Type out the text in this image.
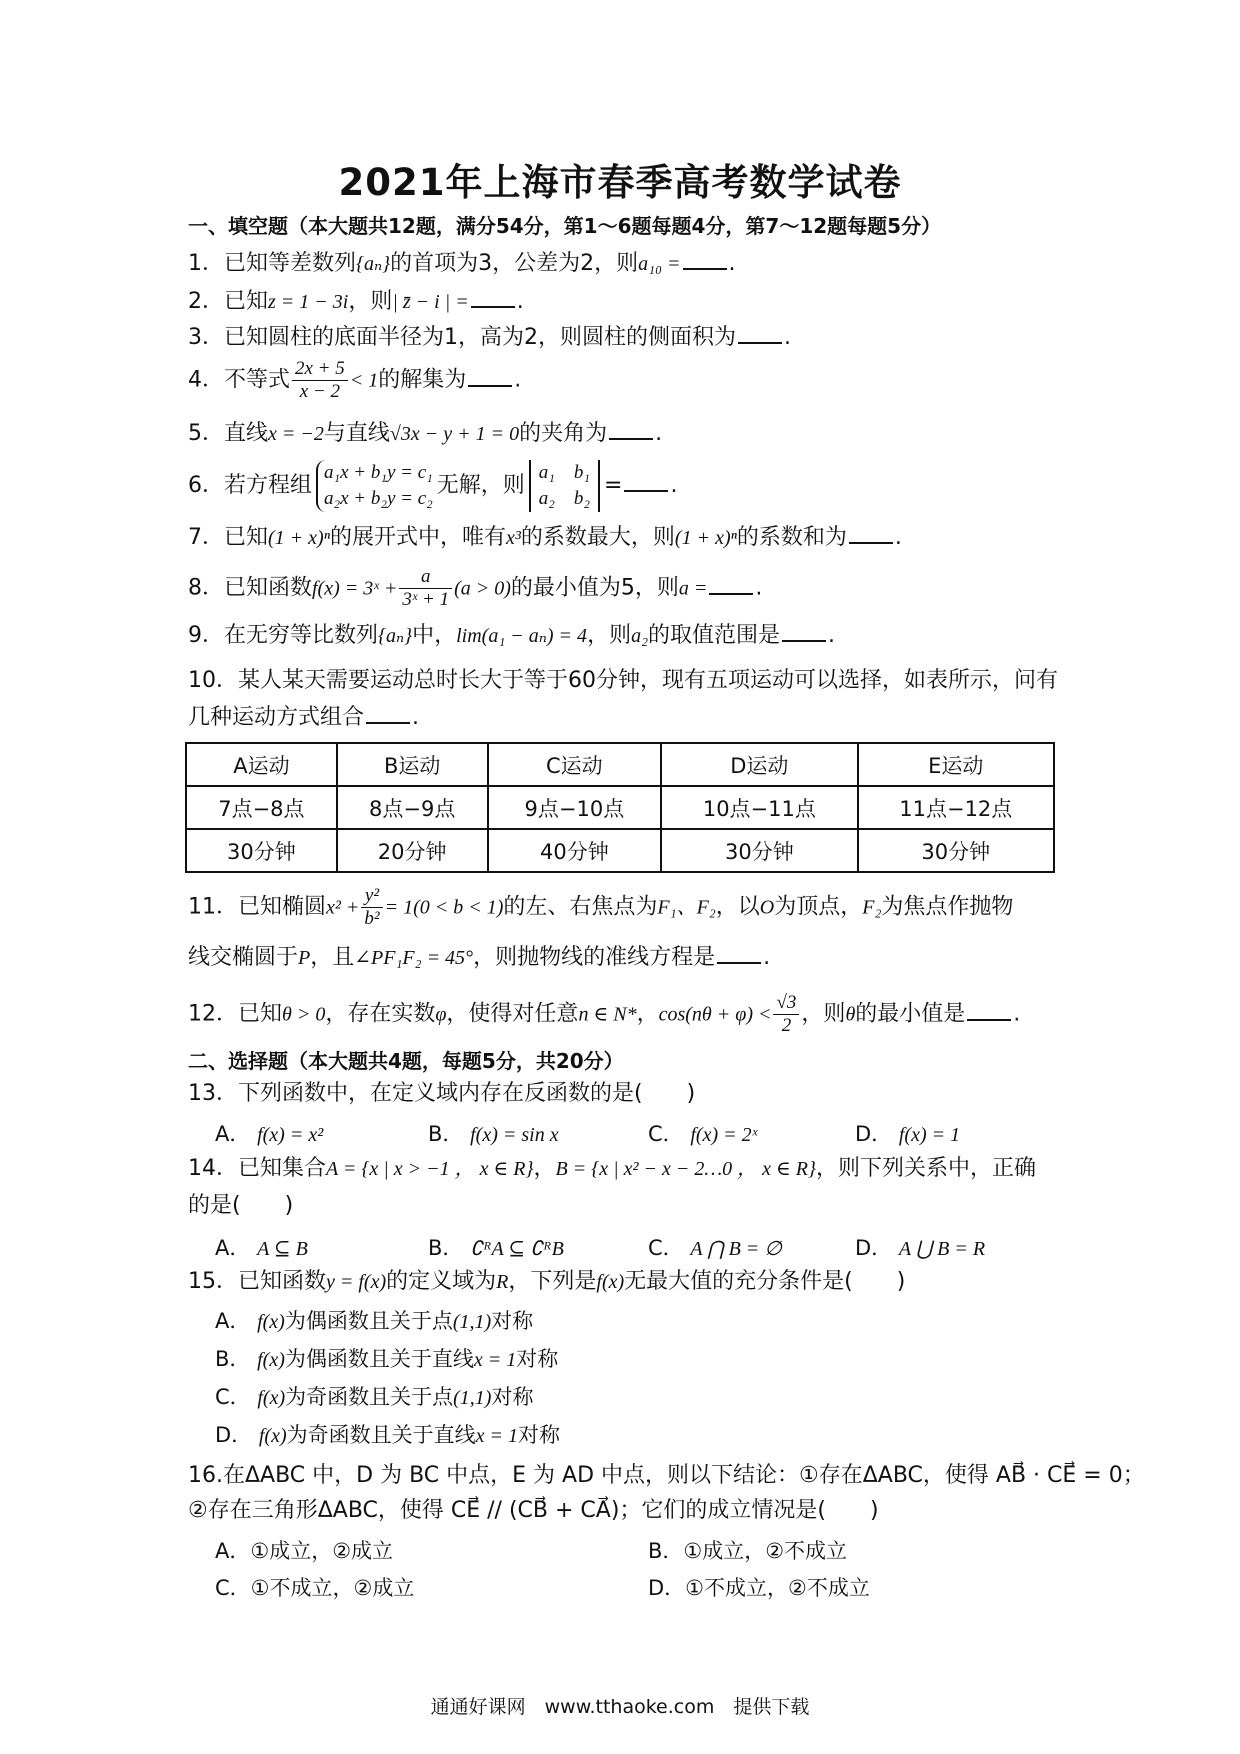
2021年上海市春季高考数学试卷
一、填空题（本大题共12题，满分54分，第1～6题每题4分，第7～12题每题5分）
1．已知等差数列{aₙ}的首项为3，公差为2，则a₁₀ = .
2．已知z = 1 − 3i，则| z̄ − i | = .
3．已知圆柱的底面半径为1，高为2，则圆柱的侧面积为 .
4．不等式 $\frac{2x + 5}{x - 2} < 1$的解集为 .
5．直线x = −2与直线√3x − y + 1 = 0的夹角为 .
6．若方程组
a₁x + b₁y = c₁
a₂x + b₂y = c₂
无解，则
a₁　b₁
a₂　b₂
= .
7．已知(1 + x)ⁿ的展开式中，唯有x³的系数最大，则(1 + x)ⁿ的系数和为 .
8．已知函数f(x) = 3ˣ + $\frac{a}{\text{3ˣ + 1}} (a > 0)$的最小值为5，则a = .
9．在无穷等比数列{aₙ}中，lim(a₁ − aₙ) = 4，则a₂的取值范围是 .
10．某人某天需要运动总时长大于等于60分钟，现有五项运动可以选择，如表所示，问有
几种运动方式组合 .
A运动	B运动	C运动	D运动	E运动
7点−8点	8点−9点	9点−10点	10点−11点	11点−12点
30分钟	20分钟	40分钟	30分钟	30分钟
11．已知椭圆$x^2 + \frac{\text{y²}}{\text{b²}} = 1(0 < b < 1)$的左、右焦点为F₁、F₂，以O为顶点，F₂为焦点作抛物
线交椭圆于P，且∠PF₁F₂ = 45°，则抛物线的准线方程是 .
12．已知θ > 0，存在实数φ，使得对任意n ∈ N*，$\cos(n\theta + \varphi) < \frac{√3}{2}$ ，则θ的最小值是 .
二、选择题（本大题共4题，每题5分，共20分）
13．下列函数中，在定义域内存在反函数的是(　　)
A． f(x) = x²	B． f(x) = sin x	C． f(x) = 2ˣ	D． f(x) = 1
14．已知集合A = {x | x > −1 ， x ∈ R}，B = {x | x² − x − 2…0 ， x ∈ R}，则下列关系中，正确
的是(　　)
A． A ⊆ B	B． ∁ᴿA ⊆ ∁ᴿB	C． A ⋂ B = ∅	D． A ⋃ B = R
15．已知函数y = f(x)的定义域为R，下列是f(x)无最大值的充分条件是(　　)
A． f(x)为偶函数且关于点(1,1)对称
B． f(x)为偶函数且关于直线x = 1对称
C． f(x)为奇函数且关于点(1,1)对称
D． f(x)为奇函数且关于直线x = 1对称
16.在ΔABC 中，D 为 BC 中点，E 为 AD 中点，则以下结论：①存在ΔABC，使得 AB⃗ · CE⃗ = 0；
②存在三角形ΔABC，使得 CE⃗ // (CB⃗ + CA⃗)；它们的成立情况是(　　)
A．①成立，②成立	B．①成立，②不成立
C．①不成立，②成立	D．①不成立，②不成立
通通好课网　www.tthaoke.com　提供下载
